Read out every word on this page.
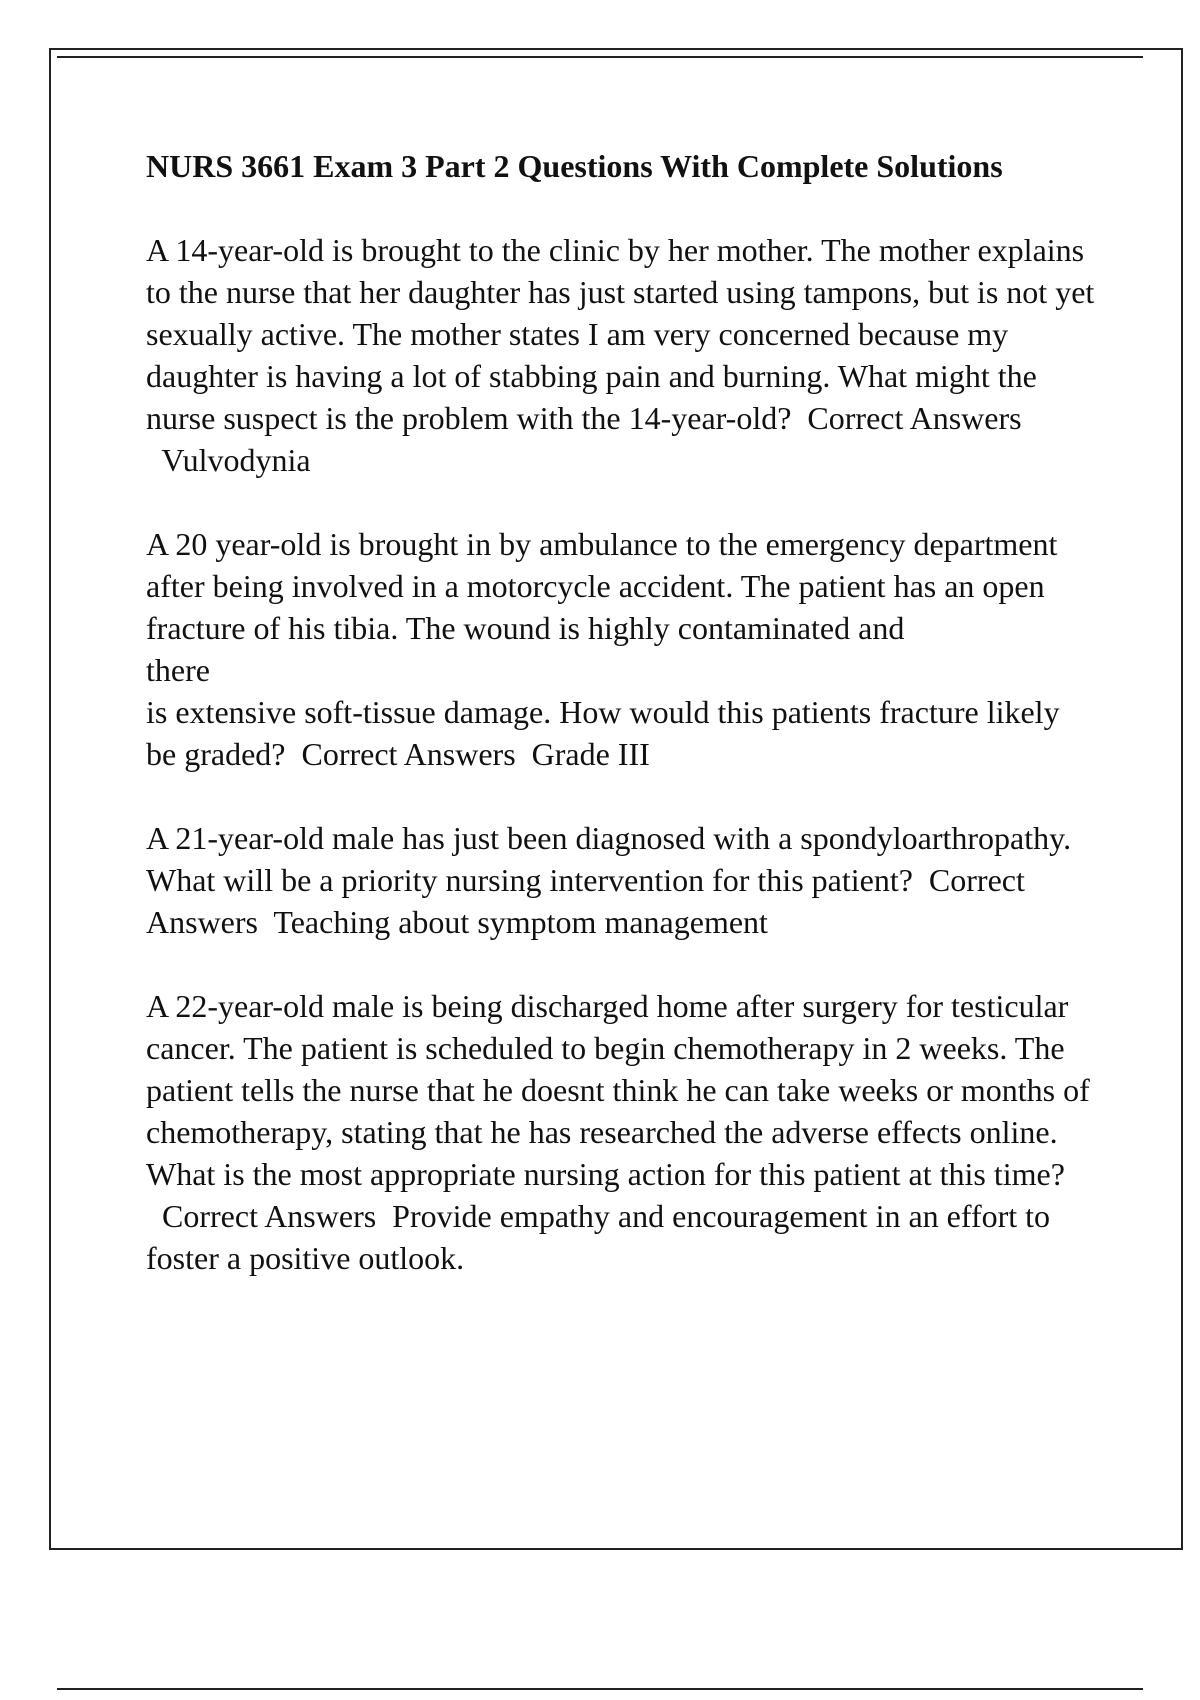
NURS 3661 Exam 3 Part 2 Questions With Complete Solutions

A 14-year-old is brought to the clinic by her mother. The mother explains to the nurse that her daughter has just started using tampons, but is not yet sexually active. The mother states I am very concerned because my daughter is having a lot of stabbing pain and burning. What might the nurse suspect is the problem with the 14-year-old? Correct Answers  Vulvodynia

A 20 year-old is brought in by ambulance to the emergency department after being involved in a motorcycle accident. The patient has an open fracture of his tibia. The wound is highly contaminated and
there
is extensive soft-tissue damage. How would this patients fracture likely be graded? Correct Answers Grade III

A 21-year-old male has just been diagnosed with a spondyloarthropathy. What will be a priority nursing intervention for this patient? Correct Answers Teaching about symptom management

A 22-year-old male is being discharged home after surgery for testicular cancer. The patient is scheduled to begin chemotherapy in 2 weeks. The patient tells the nurse that he doesnt think he can take weeks or months of chemotherapy, stating that he has researched the adverse effects online. What is the most appropriate nursing action for this patient at this time?  Correct Answers Provide empathy and encouragement in an effort to foster a positive outlook.
